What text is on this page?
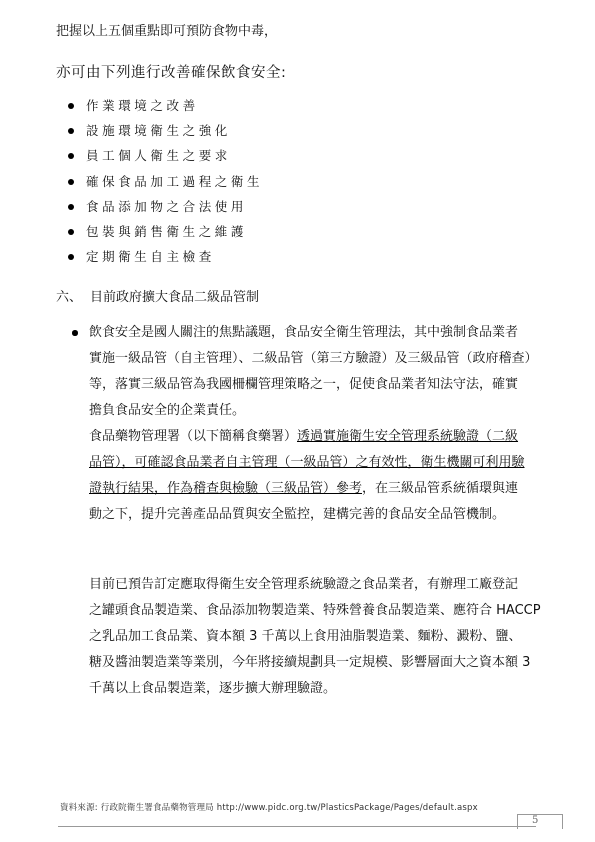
把握以上五個重點即可預防食物中毒，
亦可由下列進行改善確保飲食安全:
作業環境之改善
設施環境衛生之強化
員工個人衛生之要求
確保食品加工過程之衛生
食品添加物之合法使用
包裝與銷售衛生之維護
定期衛生自主檢查
六、 目前政府擴大食品二級品管制
飲食安全是國人關注的焦點議題，食品安全衛生管理法，其中強制食品業者
實施一級品管（自主管理）、二級品管（第三方驗證）及三級品管（政府稽查）
等，落實三級品管為我國柵欄管理策略之一，促使食品業者知法守法，確實
擔負食品安全的企業責任。
食品藥物管理署（以下簡稱食藥署）透過實施衛生安全管理系統驗證（二級
品管），可確認食品業者自主管理（一級品管）之有效性，衛生機關可利用驗
證執行結果，作為稽查與檢驗（三級品管）參考，在三級品管系統循環與連
動之下，提升完善產品品質與安全監控，建構完善的食品安全品管機制。
目前已預告訂定應取得衛生安全管理系統驗證之食品業者，有辦理工廠登記
之罐頭食品製造業、食品添加物製造業、特殊營養食品製造業、應符合 HACCP
之乳品加工食品業、資本額 3 千萬以上食用油脂製造業、麵粉、澱粉、鹽、
糖及醬油製造業等業別，今年將接續規劃具一定規模、影響層面大之資本額 3
千萬以上食品製造業，逐步擴大辦理驗證。
資料來源: 行政院衛生署食品藥物管理局 http://www.pidc.org.tw/PlasticsPackage/Pages/default.aspx
5
